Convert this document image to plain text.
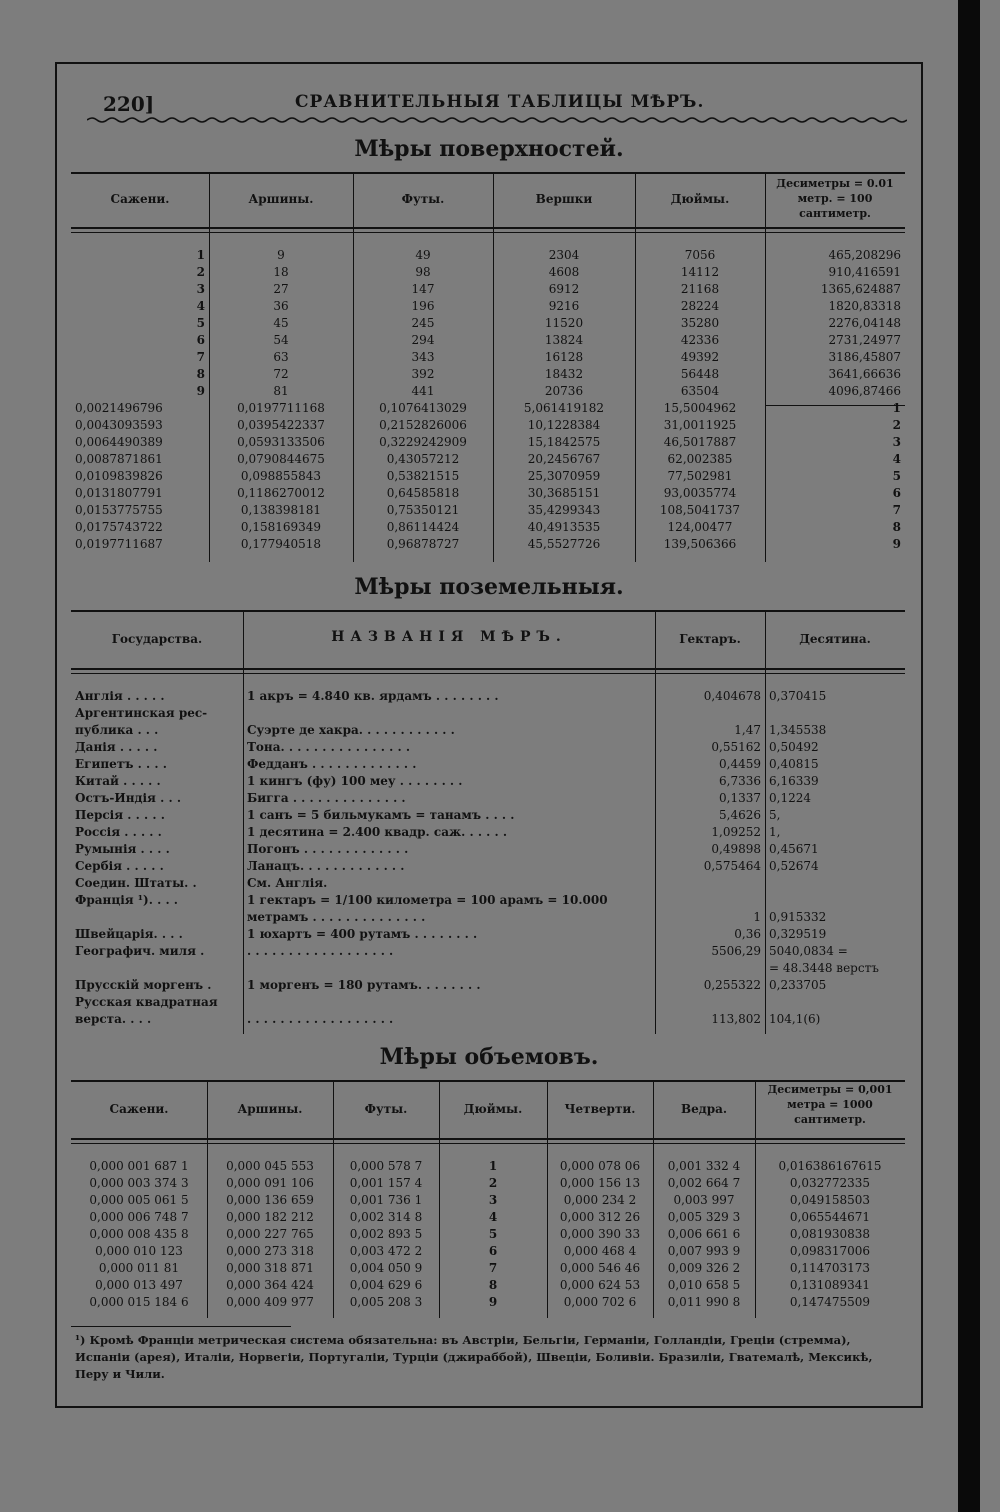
220]	СРАВНИТЕЛЬНЫЯ ТАБЛИЦЫ МѢРЪ.
Мѣры поверхностей.
Сажени.	Аршины.	Футы.	Вершки	Дюймы.
Десиметры = 0.01 метр. = 100 сантиметр.
1	9	49	2304	7056	465,208296
2	18	98	4608	14112	910,416591
3	27	147	6912	21168	1365,624887
4	36	196	9216	28224	1820,83318
5	45	245	11520	35280	2276,04148
6	54	294	13824	42336	2731,24977
7	63	343	16128	49392	3186,45807
8	72	392	18432	56448	3641,66636
9	81	441	20736	63504	4096,87466
0,0021496796	0,0197711168	0,1076413029	5,061419182	15,5004962	1
0,0043093593	0,0395422337	0,2152826006	10,1228384	31,0011925	2
0,0064490389	0,0593133506	0,3229242909	15,1842575	46,5017887	3
0,0087871861	0,0790844675	0,43057212	20,2456767	62,002385	4
0,0109839826	0,098855843	0,53821515	25,3070959	77,502981	5
0,0131807791	0,1186270012	0,64585818	30,3685151	93,0035774	6
0,0153775755	0,138398181	0,75350121	35,4299343	108,5041737	7
0,0175743722	0,158169349	0,86114424	40,4913535	124,00477	8
0,0197711687	0,177940518	0,96878727	45,5527726	139,506366	9
Мѣры поземельныя.
Государства.	НАЗВАНІЯ МѢРЪ.	Гектаръ.	Десятина.
Англія . . . . .	1 акръ = 4.840 кв. ярдамъ . . . . . . . .	0,404678	0,370415
Аргентинская рес-			
публика . . .	Суэрте де хакра. . . . . . . . . . . .	1,47	1,345538
Данія . . . . .	Тона. . . . . . . . . . . . . . . .	0,55162	0,50492
Египетъ . . . .	Федданъ . . . . . . . . . . . . .	0,4459	0,40815
Китай . . . . .	1 кингъ (фу) 100 меу . . . . . . . .	6,7336	6,16339
Остъ-Индія . . .	Бигга . . . . . . . . . . . . . .	0,1337	0,1224
Персія . . . . .	1 санъ = 5 бильмукамъ = танамъ . . . .	5,4626	5,
Россія . . . . .	1 десятина = 2.400 квадр. саж. . . . . .	1,09252	1,
Румынія . . . .	Погонъ . . . . . . . . . . . . .	0,49898	0,45671
Сербія . . . . .	Ланацъ. . . . . . . . . . . . .	0,575464	0,52674
Соедин. Штаты. .	См. Англія.		
Франція ¹). . . .	1 гектаръ = 1/100 километра = 100 арамъ = 10.000		
	метрамъ . . . . . . . . . . . . . .	1	0,915332
Швейцарія. . . .	1 юхартъ = 400 рутамъ . . . . . . . .	0,36	0,329519
Географич. миля .	. . . . . . . . . . . . . . . . . .	5506,29	5040,0834 =
			= 48.3448 верстъ
Прусскій моргенъ .	1 моргенъ = 180 рутамъ. . . . . . . .	0,255322	0,233705
Русская квадратная			
верста. . . .	. . . . . . . . . . . . . . . . . .	113,802	104,1(6)
Мѣры объемовъ.
Сажени.	Аршины.	Футы.	Дюймы.	Четверти.	Ведра.
Десиметры = 0,001 метра = 1000 сантиметр.
0,000 001 687 1	0,000 045 553	0,000 578 7	1	0,000 078 06	0,001 332 4	0,016386167615
0,000 003 374 3	0,000 091 106	0,001 157 4	2	0,000 156 13	0,002 664 7	0,032772335
0,000 005 061 5	0,000 136 659	0,001 736 1	3	0,000 234 2	0,003 997	0,049158503
0,000 006 748 7	0,000 182 212	0,002 314 8	4	0,000 312 26	0,005 329 3	0,065544671
0,000 008 435 8	0,000 227 765	0,002 893 5	5	0,000 390 33	0,006 661 6	0,081930838
0,000 010 123	0,000 273 318	0,003 472 2	6	0,000 468 4	0,007 993 9	0,098317006
0,000 011 81	0,000 318 871	0,004 050 9	7	0,000 546 46	0,009 326 2	0,114703173
0,000 013 497	0,000 364 424	0,004 629 6	8	0,000 624 53	0,010 658 5	0,131089341
0,000 015 184 6	0,000 409 977	0,005 208 3	9	0,000 702 6	0,011 990 8	0,147475509
¹) Кромѣ Франціи метрическая система обязательна: въ Австріи, Бельгіи, Германіи, Голландіи, Греціи (стремма), Испаніи (арея), Италіи, Норвегіи, Португаліи, Турціи (джираббой), Швеціи, Боливіи. Бразиліи, Гватемалѣ, Мексикѣ, Перу и Чили.
